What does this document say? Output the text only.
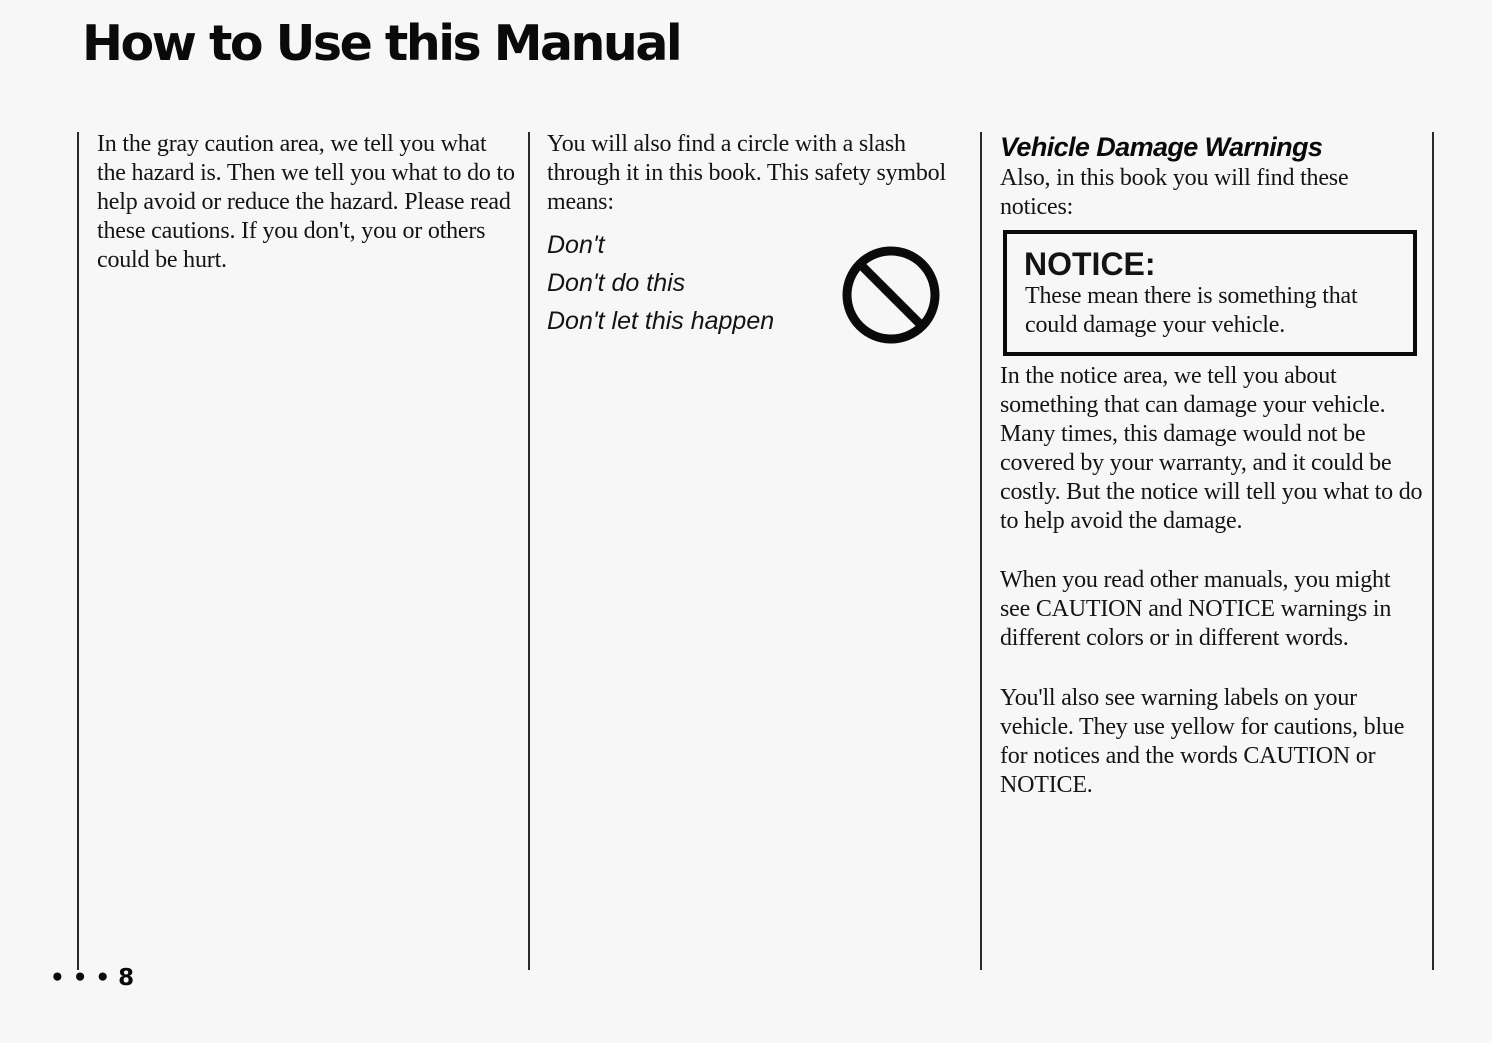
How to Use this Manual

In the gray caution area, we tell you what the hazard is. Then we tell you what to do to help avoid or reduce the hazard. Please read these cautions. If you don't, you or others could be hurt.

You will also find a circle with a slash through it in this book. This safety symbol means:

Don't

Don't do this

Don't let this happen

Vehicle Damage Warnings

Also, in this book you will find these notices:

NOTICE:

These mean there is something that could damage your vehicle.

In the notice area, we tell you about something that can damage your vehicle. Many times, this damage would not be covered by your warranty, and it could be costly. But the notice will tell you what to do to help avoid the damage.

When you read other manuals, you might see CAUTION and NOTICE warnings in different colors or in different words.

You'll also see warning labels on your vehicle. They use yellow for cautions, blue for notices and the words CAUTION or NOTICE.

• • • 8
